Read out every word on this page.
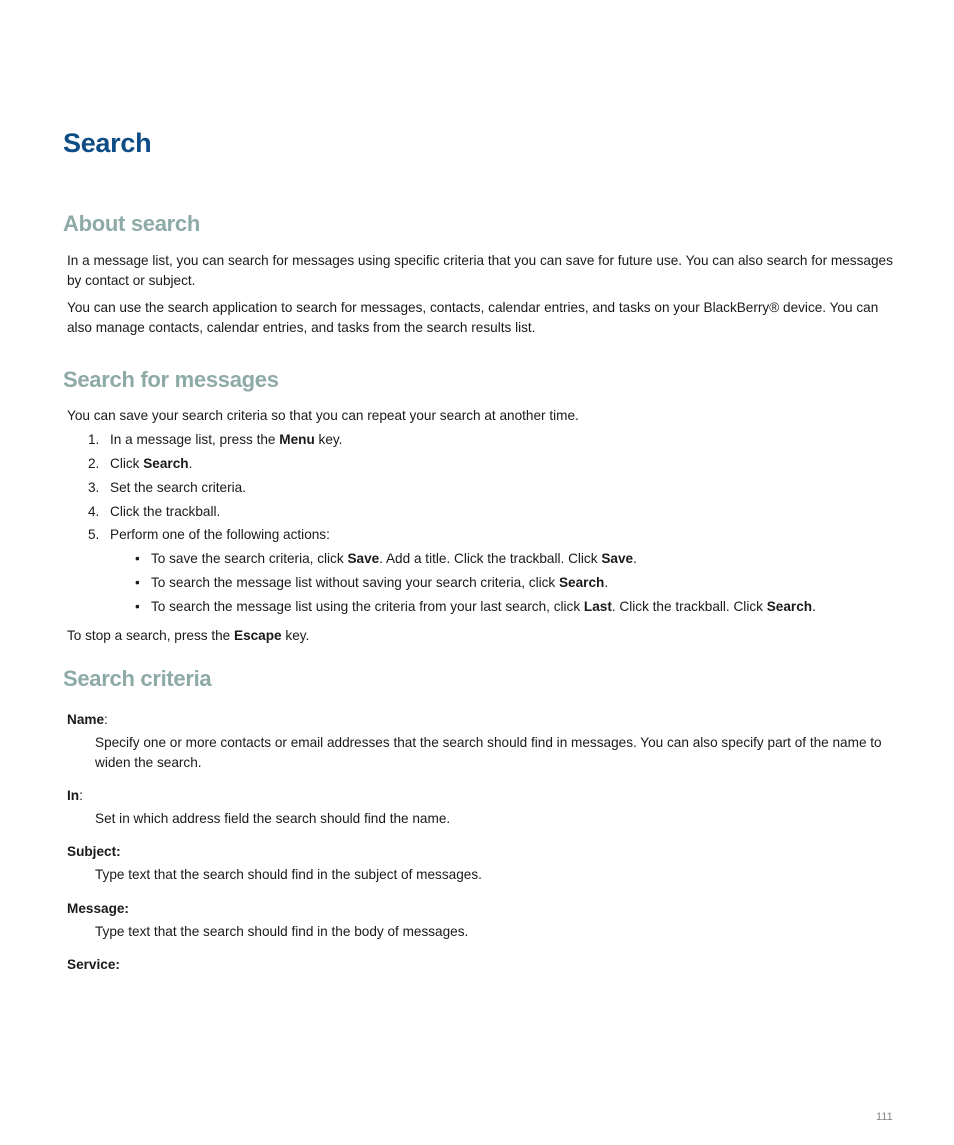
Search
About search

In a message list, you can search for messages using specific criteria that you can save for future use. You can also search for messages by contact or subject.

You can use the search application to search for messages, contacts, calendar entries, and tasks on your BlackBerry® device. You can also manage contacts, calendar entries, and tasks from the search results list.

Search for messages

You can save your search criteria so that you can repeat your search at another time.

1. In a message list, press the Menu key.
2. Click Search.
3. Set the search criteria.
4. Click the trackball.
5. Perform one of the following actions:
• To save the search criteria, click Save. Add a title. Click the trackball. Click Save.
• To search the message list without saving your search criteria, click Search.
• To search the message list using the criteria from your last search, click Last. Click the trackball. Click Search.

To stop a search, press the Escape key.

Search criteria
Name:

Specify one or more contacts or email addresses that the search should find in messages. You can also specify part of the name to widen the search.

In:

Set in which address field the search should find the name.

Subject:

Type text that the search should find in the subject of messages.

Message:

Type text that the search should find in the body of messages.

Service:
111
